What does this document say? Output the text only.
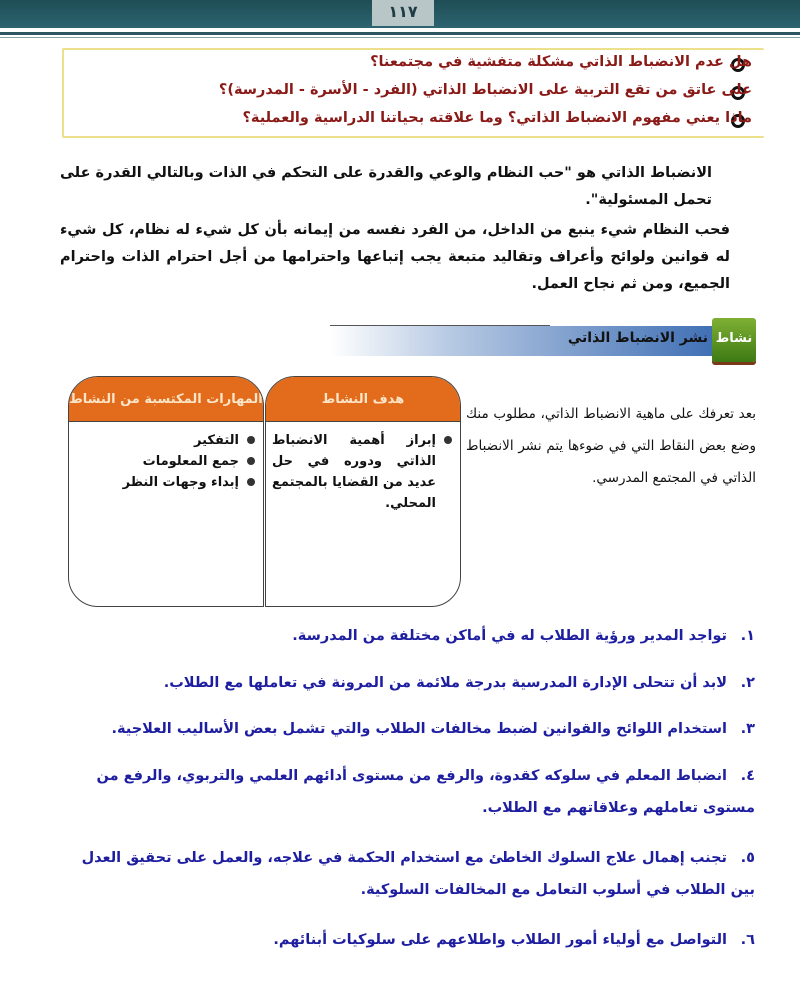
١١٧
هل عدم الانضباط الذاتي مشكلة متفشية في مجتمعنا؟
على عاتق من تقع التربية على الانضباط الذاتي (الفرد - الأسرة - المدرسة)؟
ماذا يعني مفهوم الانضباط الذاتي؟ وما علاقته بحياتنا الدراسية والعملية؟

الانضباط الذاتي هو "حب النظام والوعي والقدرة على التحكم في الذات وبالتالي القدرة على تحمل المسئولية".

فحب النظام شيء ينبع من الداخل، من الفرد نفسه من إيمانه بأن كل شيء له نظام، كل شيء له قوانين ولوائح وأعراف وتقاليد متبعة يجب إتباعها واحترامها من أجل احترام الذات واحترام الجميع، ومن ثم نجاح العمل.

نشر الانضباط الذاتي نشاط
المهارات المكتسبة من النشاط
التفكير
جمع المعلومات
إبداء وجهات النظر
هدف النشاط
إبراز أهمية الانضباط الذاتي ودوره في حل عديد من القضايا بالمجتمع المحلي.
بعد تعرفك على ماهية الانضباط الذاتي، مطلوب منك وضع بعض النقاط التي في ضوءها يتم نشر الانضباط الذاتي في المجتمع المدرسي.
١.تواجد المدير ورؤية الطلاب له في أماكن مختلفة من المدرسة.
٢.لابد أن تتحلى الإدارة المدرسية بدرجة ملائمة من المرونة في تعاملها مع الطلاب.
٣.استخدام اللوائح والقوانين لضبط مخالفات الطلاب والتي تشمل بعض الأساليب العلاجية.
٤.انضباط المعلم في سلوكه كقدوة، والرفع من مستوى أدائهم العلمي والتربوي، والرفع من مستوى تعاملهم وعلاقاتهم مع الطلاب.
٥.تجنب إهمال علاج السلوك الخاطئ مع استخدام الحكمة في علاجه، والعمل على تحقيق العدل بين الطلاب في أسلوب التعامل مع المخالفات السلوكية.
٦.التواصل مع أولياء أمور الطلاب واطلاعهم على سلوكيات أبنائهم.
